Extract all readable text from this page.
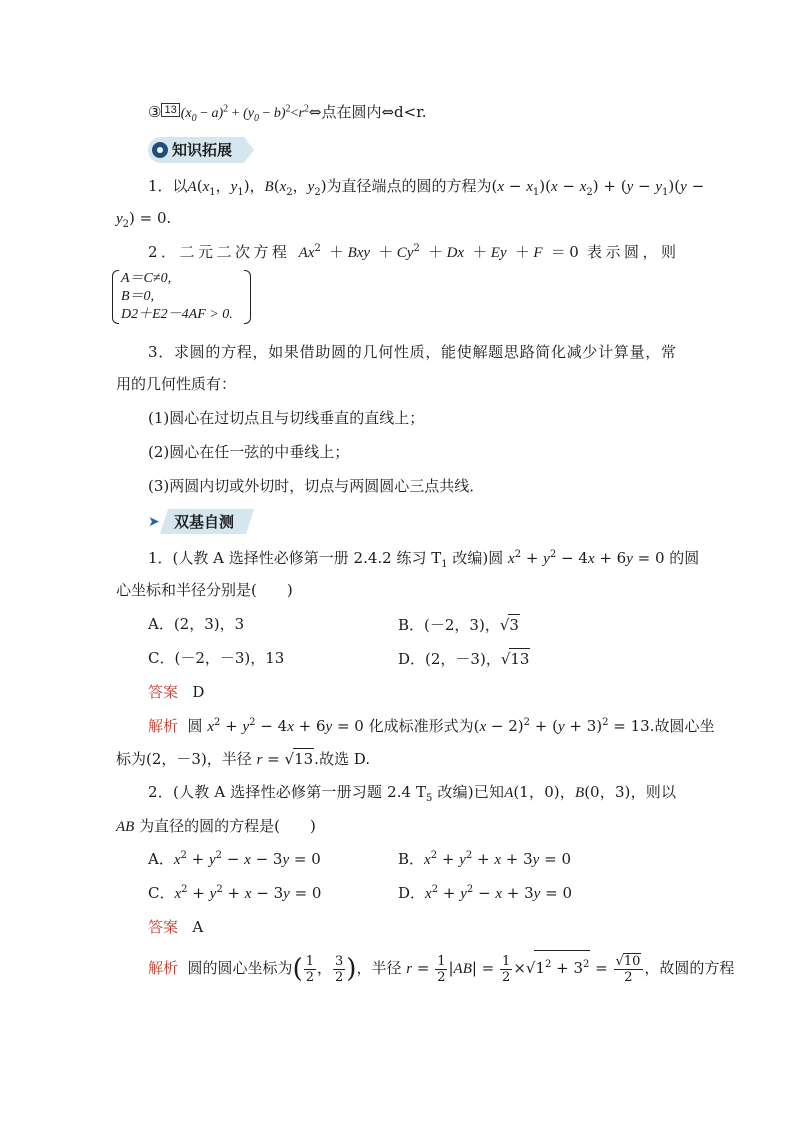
③ 13 $(x_0 - a)^2 + (y_0$ − $b)^2<r^2\Leftrightarrow$点在圆内⇔d<r.
知识拓展
1．以$A(x_1$，$y_1$)，$B(x_2$，$y_2$)为直径端点的圆的方程为$(x - x_1)(x - x_2) + (y - y_1)(y$ −
$y_2) = 0$.
2．二元二次方程 $Ax^2 +Bxy +Cy^2 +Dx +Ey +F =0$ 表示圆，则
A＝C≠0,
B＝0,
D2＋E2－4AF > 0.
3．求圆的方程，如果借助圆的几何性质，能使解题思路简化减少计算量，常
用的几何性质有：
(1)圆心在过切点且与切线垂直的直线上；
(2)圆心在任一弦的中垂线上；
(3)两圆内切或外切时，切点与两圆圆心三点共线．
➤ 双基自测
1．(人教 A 选择性必修第一册 2.4.2 练习 $T_1$ 改编)圆 $x^2 + y^2 - 4x + 6y = 0$ 的圆
心坐标和半径分别是(　　)
A．(2，3)，3	B．(－2，3)，√3
C．(－2，－3)，13	D．(2，－3)，√13
答案 D
解析  圆 $x^2 + y^2 - 4x + 6y = 0$ 化成标准形式为$(x - 2)^2 + (y + 3)^2 = 13$.故圆心坐
标为(2，－3)，半径 r = √13.故选 D.
2．(人教 A 选择性必修第一册习题 2.4 $T_5$ 改编)已知A(1，0)，B(0，3)，则以
AB 为直径的圆的方程是(　　)
A．$x^2 + y^2 - x - 3y = 0$	B．$x^2 + y^2 + x + 3y = 0$
C．$x^2 + y^2 + x - 3y = 0$	D．$x^2 + y^2 - x + 3y = 0$
答案 A
解析  圆的圆心坐标为( $\frac{1}{2}$ ， $\frac{3}{2}$ )，半径 $r = \frac{1}{2} |AB| = \frac{1}{2} \times√1^2 + 3^2 = \frac{√10}{2}$ ，故圆的方程
